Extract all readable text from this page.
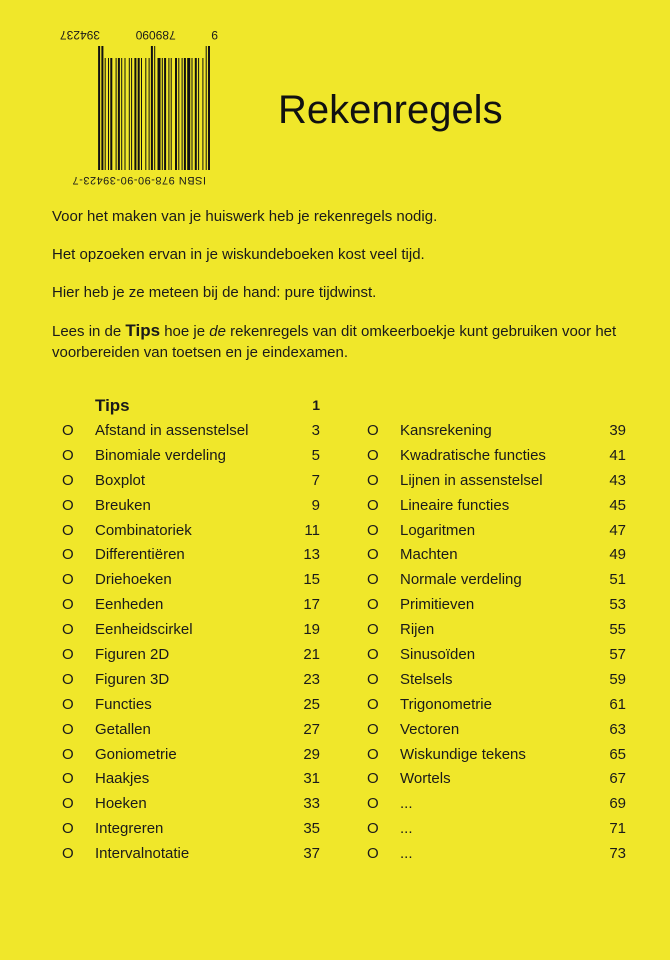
ISBN 978-90-90-39423-7
9
789090
394237
Rekenregels

Voor het maken van je huiswerk heb je rekenregels nodig.

Het opzoeken ervan in je wiskundeboeken kost veel tijd.

Hier heb je ze meteen bij de hand: pure tijdwinst.

Lees in de Tips hoe je de rekenregels van dit omkeerboekje kunt gebruiken voor het voorbereiden van toetsen en je eindexamen.

Tips	1
O Afstand in assenstelsel	3
O Binomiale verdeling	5
O Boxplot	7
O Breuken	9
O Combinatoriek	11
O Differentiëren	13
O Driehoeken	15
O Eenheden	17
O Eenheidscirkel	19
O Figuren 2D	21
O Figuren 3D	23
O Functies	25
O Getallen	27
O Goniometrie	29
O Haakjes	31
O Hoeken	33
O Integreren	35
O Intervalnotatie	37
O Kansrekening	39
O Kwadratische functies	41
O Lijnen in assenstelsel	43
O Lineaire functies	45
O Logaritmen	47
O Machten	49
O Normale verdeling	51
O Primitieven	53
O Rijen	55
O Sinusoïden	57
O Stelsels	59
O Trigonometrie	61
O Vectoren	63
O Wiskundige tekens	65
O Wortels	67
O ...	69
O ...	71
O ...	73
